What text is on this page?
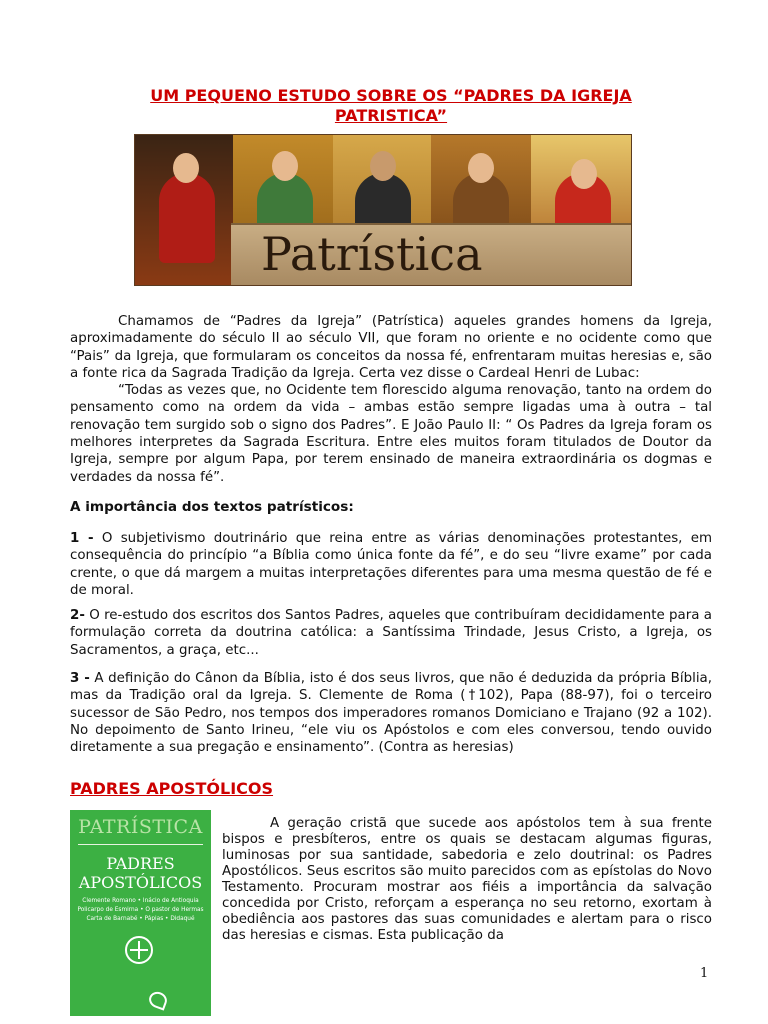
UM PEQUENO ESTUDO SOBRE OS “PADRES DA IGREJA
PATRISTICA”
Patrística

Chamamos de “Padres da Igreja” (Patrística) aqueles grandes homens da Igreja, aproximadamente do século II ao século VII, que foram no oriente e no ocidente como que “Pais” da Igreja, que formularam os conceitos da nossa fé, enfrentaram muitas heresias e, são a fonte rica da Sagrada Tradição da Igreja. Certa vez disse o Cardeal Henri de Lubac:

“Todas as vezes que, no Ocidente tem florescido alguma renovação, tanto na ordem do pensamento como na ordem da vida – ambas estão sempre ligadas uma à outra – tal renovação tem surgido sob o signo dos Padres”. E João Paulo II: “ Os Padres da Igreja foram os melhores interpretes da Sagrada Escritura. Entre eles muitos foram titulados de Doutor da Igreja, sempre por algum Papa, por terem ensinado de maneira extraordinária os dogmas e verdades da nossa fé”.

A importância dos textos patrísticos:

1 - O subjetivismo doutrinário que reina entre as várias denominações protestantes, em consequência do princípio “a Bíblia como única fonte da fé”, e do seu “livre exame” por cada crente, o que dá margem a muitas interpretações diferentes para uma mesma questão de fé e de moral.

2- O re-estudo dos escritos dos Santos Padres, aqueles que contribuíram decididamente para a formulação correta da doutrina católica: a Santíssima Trindade, Jesus Cristo, a Igreja, os Sacramentos, a graça, etc...

3 - A definição do Cânon da Bíblia, isto é dos seus livros, que não é deduzida da própria Bíblia, mas da Tradição oral da Igreja. S. Clemente de Roma (†102), Papa (88-97), foi o terceiro sucessor de São Pedro, nos tempos dos imperadores romanos Domiciano e Trajano (92 a 102). No depoimento de Santo Irineu, “ele viu os Apóstolos e com eles conversou, tendo ouvido diretamente a sua pregação e ensinamento”. (Contra as heresias)

PADRES APOSTÓLICOS
PATRÍSTICA
PADRES
APOSTÓLICOS
Clemente Romano • Inácio de Antioquia
Policarpo de Esmirna • O pastor de Hermas
Carta de Barnabé • Pápias • Didaqué
A geração cristã que sucede aos apóstolos tem à sua frente bispos e presbíteros, entre os quais se destacam algumas figuras, luminosas por sua santidade, sabedoria e zelo doutrinal: os Padres Apostólicos. Seus escritos são muito parecidos com as epístolas do Novo Testamento. Procuram mostrar aos fiéis a importância da salvação concedida por Cristo, reforçam a esperança no seu retorno, exortam à obediência aos pastores das suas comunidades e alertam para o risco das heresias e cismas. Esta publicação da
1
